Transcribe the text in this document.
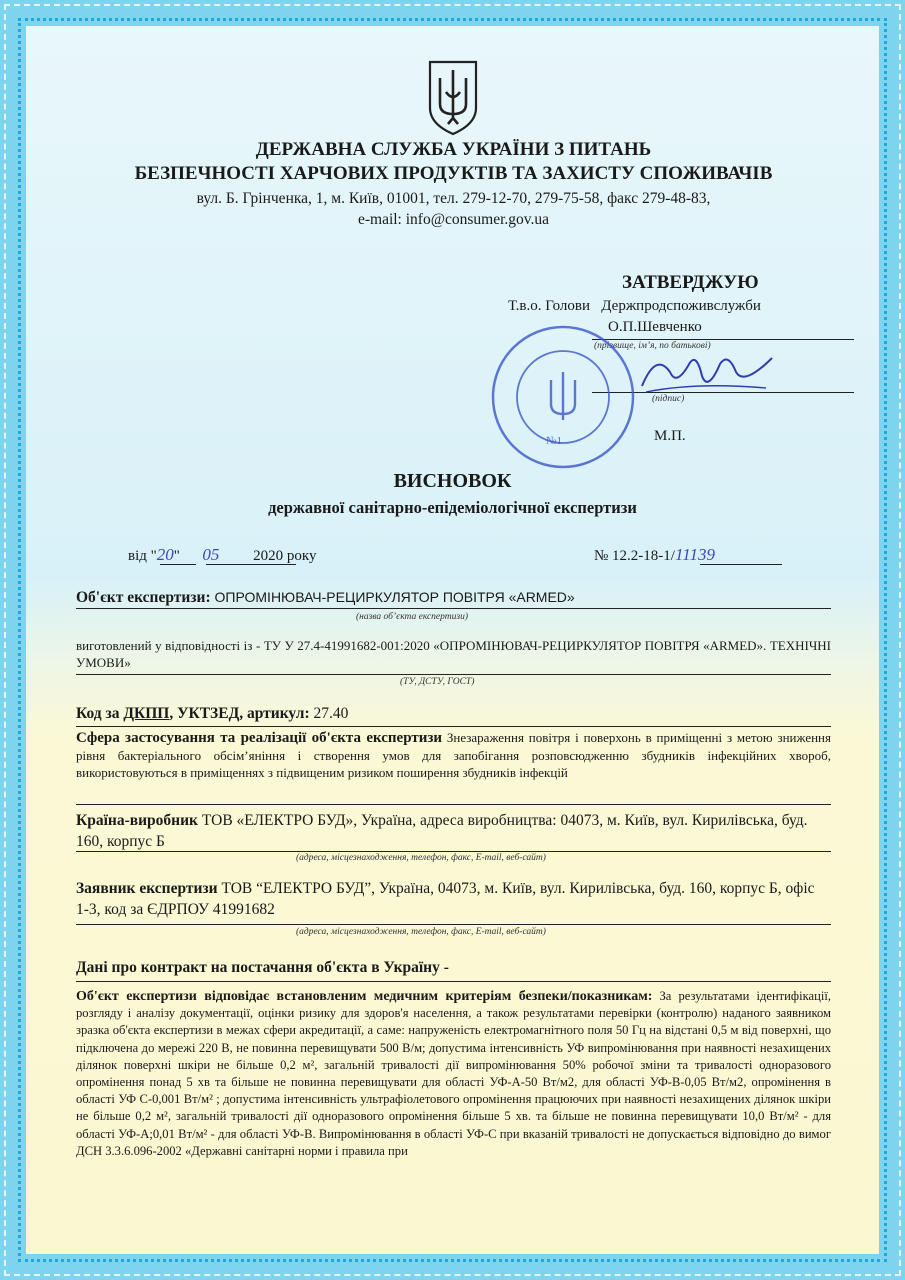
ДЕРЖАВНА СЛУЖБА УКРАЇНИ З ПИТАНЬ
БЕЗПЕЧНОСТІ ХАРЧОВИХ ПРОДУКТІВ ТА ЗАХИСТУ СПОЖИВАЧІВ
вул. Б. Грінченка, 1, м. Київ, 01001, тел. 279-12-70, 279-75-58, факс 279-48-83,
e-mail: info@consumer.gov.ua
ЗАТВЕРДЖУЮ
Т.в.о. Голови   Держпродспоживслужби
О.П.Шевченко
(прізвище, ім’я, по батькові)
(підпис)
М.П.
№1
ВИСНОВОК
державної санітарно-епідеміологічної експертизи
від "20" 05 2020 року	№ 12.2-18-1/11139
Об'єкт експертизи: ОПРОМІНЮВАЧ-РЕЦИРКУЛЯТОР ПОВІТРЯ «ARMED»
(назва об’єкта експертизи)
виготовлений у відповідності із - ТУ У 27.4-41991682-001:2020 «ОПРОМІНЮВАЧ-РЕЦИРКУЛЯТОР ПОВІТРЯ «ARMED». ТЕХНІЧНІ УМОВИ»
(ТУ, ДСТУ, ГОСТ)
Код за ДКПП, УКТЗЕД, артикул: 27.40
Сфера застосування та реалізації об'єкта експертизи Знезараження повітря і поверхонь в приміщенні з метою зниження рівня бактеріального обсім’яніння і створення умов для запобігання розповсюдженню збудників інфекційних хвороб, використовуються в приміщеннях з підвищеним ризиком поширення збудників інфекцій
Країна-виробник ТОВ «ЕЛЕКТРО БУД», Україна, адреса виробництва: 04073, м. Київ, вул. Кирилівська, буд. 160, корпус Б
(адреса, місцезнаходження, телефон, факс, E-mail, веб-сайт)
Заявник експертизи ТОВ “ЕЛЕКТРО БУД”, Україна, 04073, м. Київ, вул. Кирилівська, буд. 160, корпус Б, офіс 1-3, код за ЄДРПОУ 41991682
(адреса, місцезнаходження, телефон, факс, E-mail, веб-сайт)
Дані про контракт на постачання об'єкта в Україну -
Об'єкт експертизи відповідає встановленим медичним критеріям безпеки/показникам: За результатами ідентифікації, розгляду і аналізу документації, оцінки ризику для здоров'я населення, а також результатами перевірки (контролю) наданого заявником зразка об'єкта експертизи в межах сфери акредитації, а саме: напруженість електромагнітного поля 50 Гц на відстані 0,5 м від поверхні, що підключена до мережі 220 В, не повинна перевищувати 500 В/м; допустима інтенсивність УФ випромінювання при наявності незахищених ділянок поверхні шкіри не більше 0,2 м², загальній тривалості дії випромінювання 50% робочої зміни та тривалості одноразового опромінення понад 5 хв та більше не повинна перевищувати для області УФ-А-50 Вт/м2, для області УФ-В-0,05 Вт/м2, опромінення в області УФ С-0,001 Вт/м² ; допустима інтенсивність ультрафіолетового опромінення працюючих при наявності незахищених ділянок шкіри не більше 0,2 м², загальній тривалості дії одноразового опромінення більше 5 хв. та більше не повинна перевищувати 10,0 Вт/м² - для області УФ-А;0,01 Вт/м² - для області УФ-В. Випромінювання в області УФ-С при вказаній тривалості не допускається відповідно до вимог ДСН 3.3.6.096-2002 «Державні санітарні норми і правила при
